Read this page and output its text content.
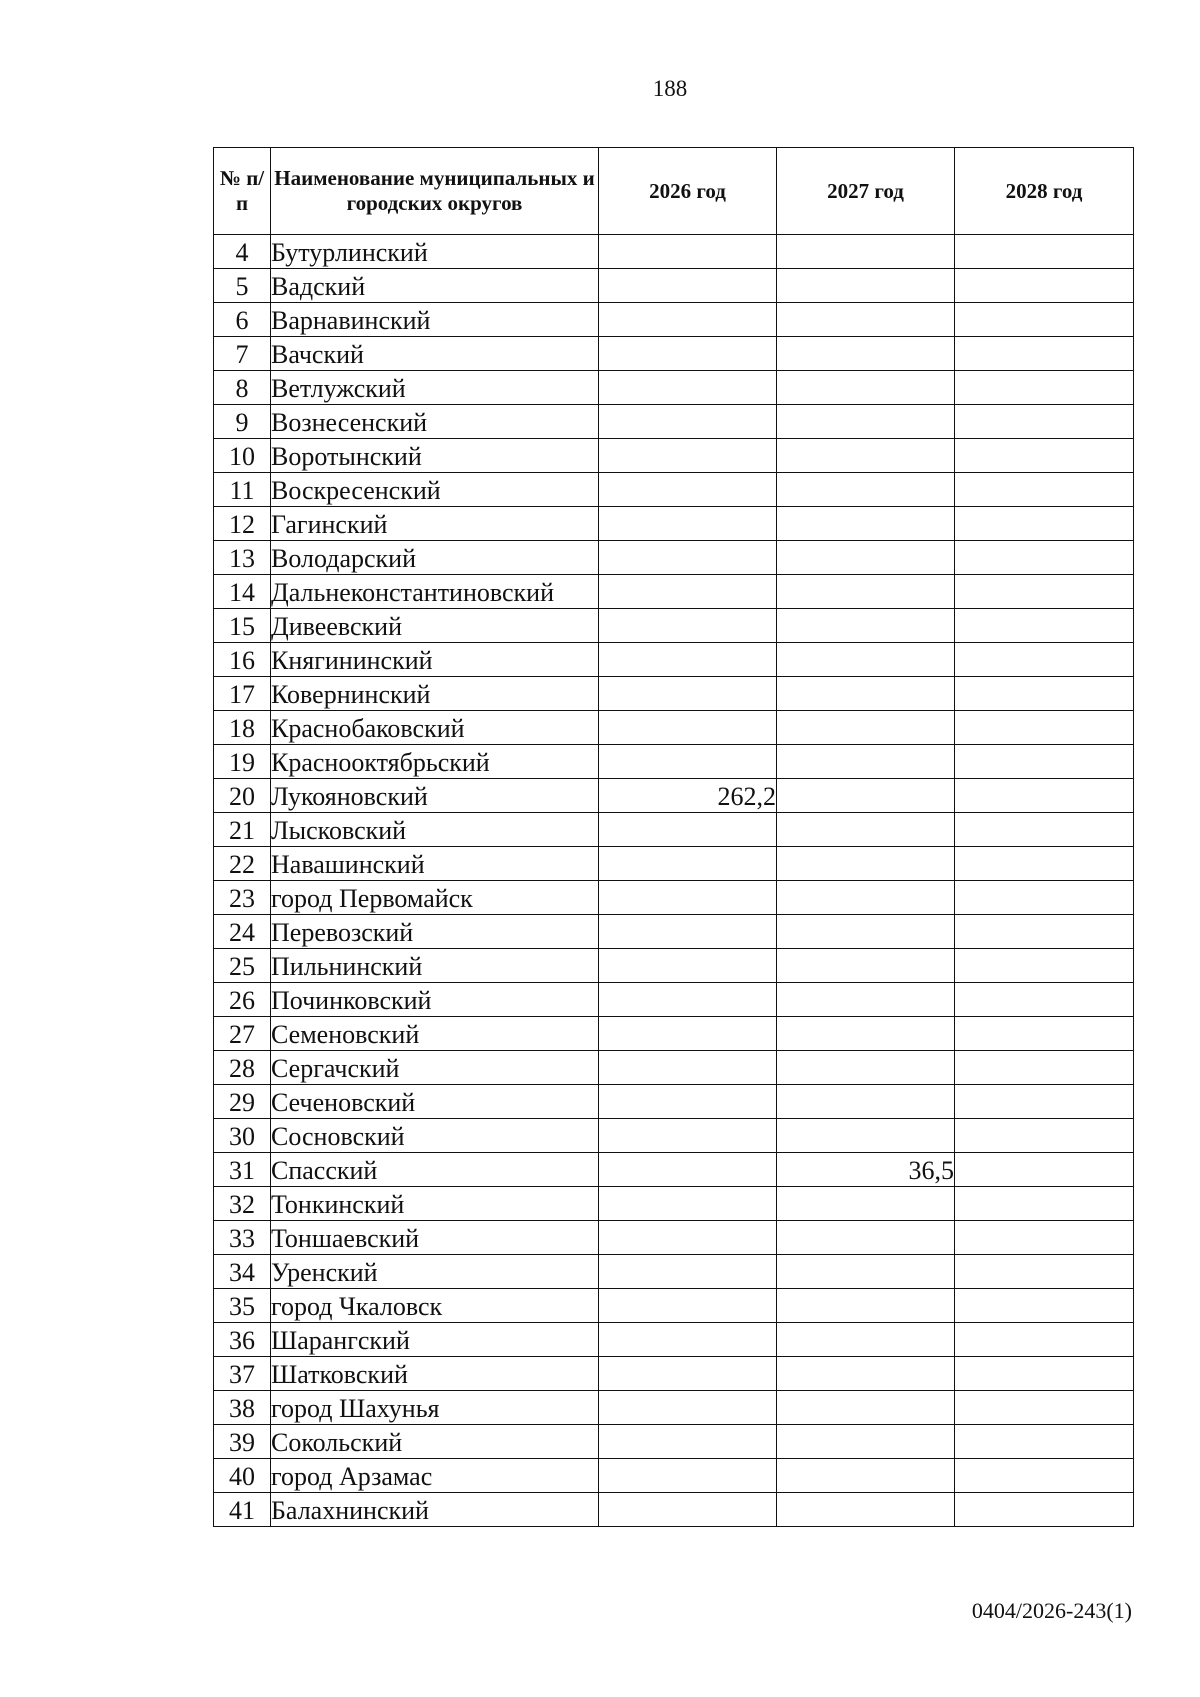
188
№ п/п	Наименование муниципальных и городских округов	2026 год	2027 год	2028 год
4	Бутурлинский			
5	Вадский			
6	Варнавинский			
7	Вачский			
8	Ветлужский			
9	Вознесенский			
10	Воротынский			
11	Воскресенский			
12	Гагинский			
13	Володарский			
14	Дальнеконстантиновский			
15	Дивеевский			
16	Княгининский			
17	Ковернинский			
18	Краснобаковский			
19	Краснооктябрьский			
20	Лукояновский	262,2		
21	Лысковский			
22	Навашинский			
23	город Первомайск			
24	Перевозский			
25	Пильнинский			
26	Починковский			
27	Семеновский			
28	Сергачский			
29	Сеченовский			
30	Сосновский			
31	Спасский		36,5	
32	Тонкинский			
33	Тоншаевский			
34	Уренский			
35	город Чкаловск			
36	Шарангский			
37	Шатковский			
38	город Шахунья			
39	Сокольский			
40	город Арзамас			
41	Балахнинский			
0404/2026-243(1)
